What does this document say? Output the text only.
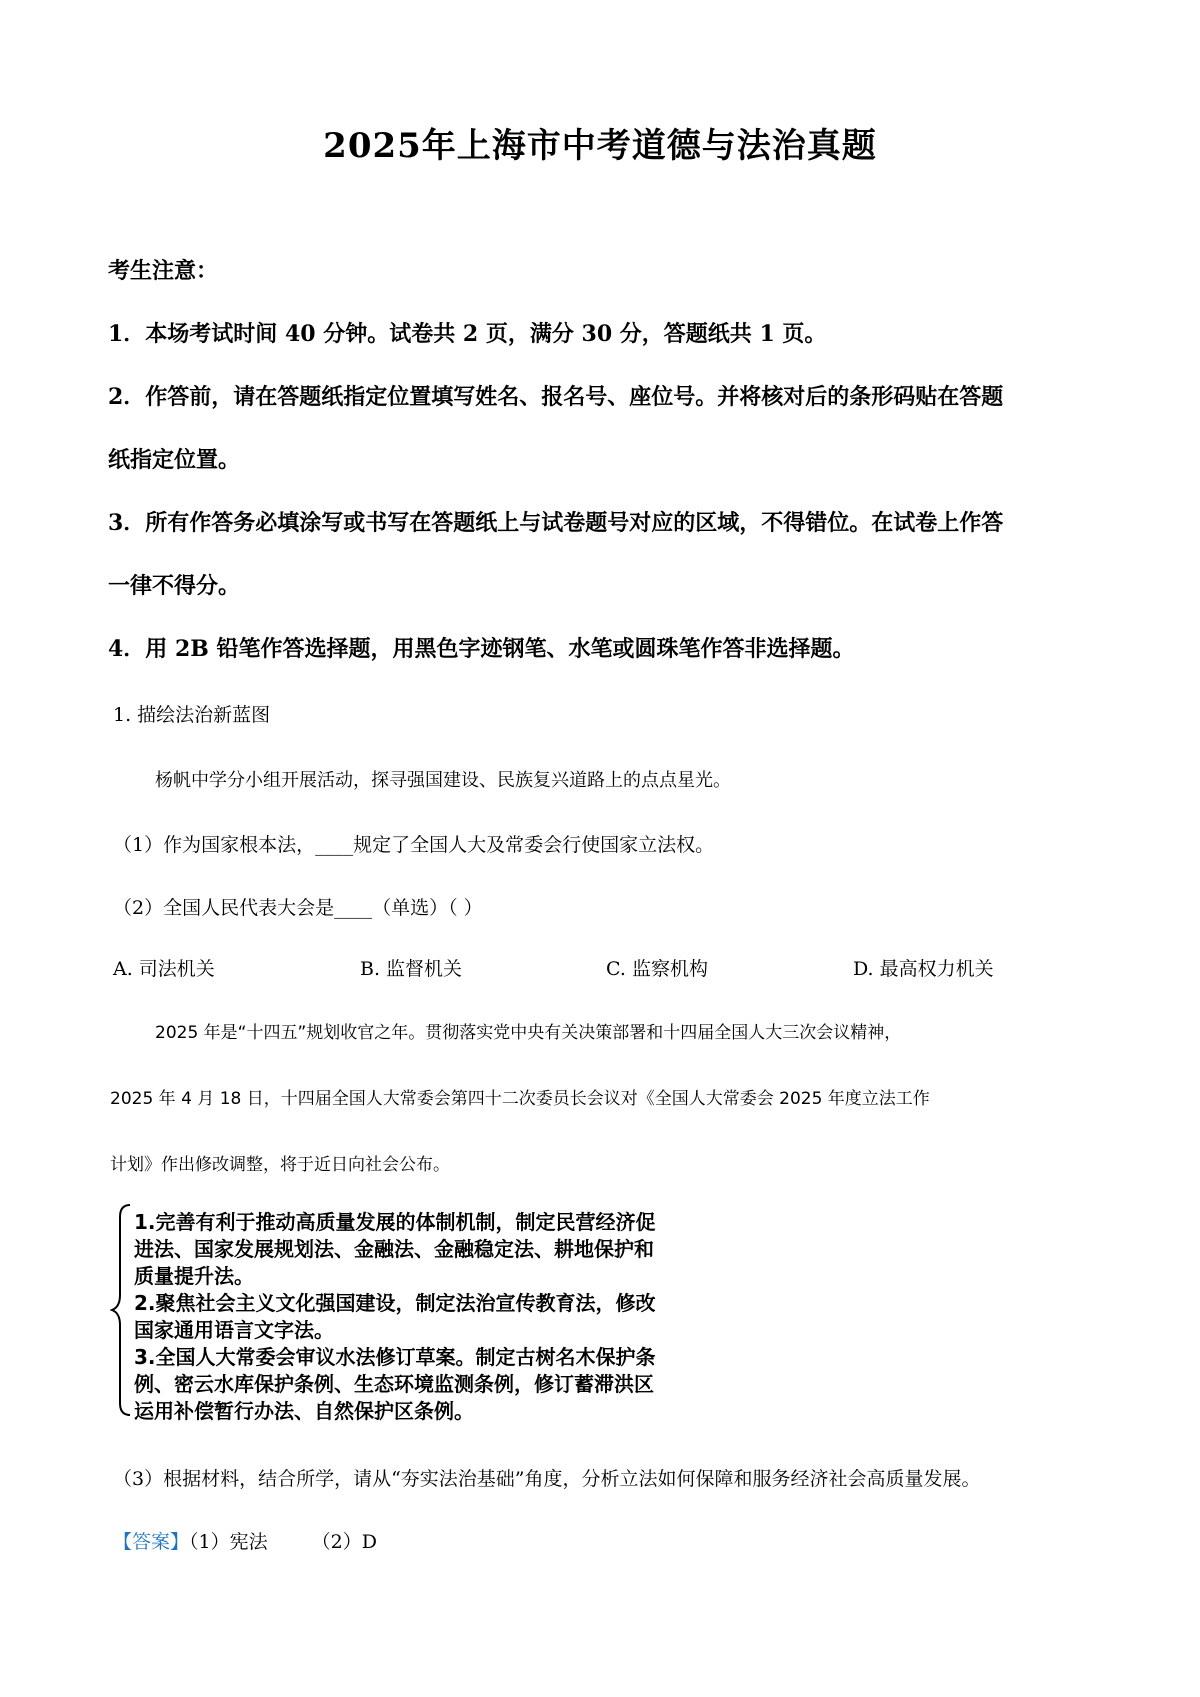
2025年上海市中考道德与法治真题
考生注意：
1．本场考试时间 40 分钟。试卷共 2 页，满分 30 分，答题纸共 1 页。
2．作答前，请在答题纸指定位置填写姓名、报名号、座位号。并将核对后的条形码贴在答题
纸指定位置。
3．所有作答务必填涂写或书写在答题纸上与试卷题号对应的区域，不得错位。在试卷上作答
一律不得分。
4．用 2B 铅笔作答选择题，用黑色字迹钢笔、水笔或圆珠笔作答非选择题。
1. 描绘法治新蓝图
杨帆中学分小组开展活动，探寻强国建设、民族复兴道路上的点点星光。
（1）作为国家根本法，____规定了全国人大及常委会行使国家立法权。
（2）全国人民代表大会是____（单选）（ ）
A. 司法机关	B. 监督机关	C. 监察机构	D. 最高权力机关
2025 年是“十四五”规划收官之年。贯彻落实党中央有关决策部署和十四届全国人大三次会议精神，
2025 年 4 月 18 日，十四届全国人大常委会第四十二次委员长会议对《全国人大常委会 2025 年度立法工作
计划》作出修改调整，将于近日向社会公布。
1.完善有利于推动高质量发展的体制机制，制定民营经济促
进法、国家发展规划法、金融法、金融稳定法、耕地保护和
质量提升法。
2.聚焦社会主义文化强国建设，制定法治宣传教育法，修改
国家通用语言文字法。
3.全国人大常委会审议水法修订草案。制定古树名木保护条
例、密云水库保护条例、生态环境监测条例，修订蓄滞洪区
运用补偿暂行办法、自然保护区条例。
（3）根据材料，结合所学，请从“夯实法治基础”角度，分析立法如何保障和服务经济社会高质量发展。
【答案】（1）宪法 （2）D
